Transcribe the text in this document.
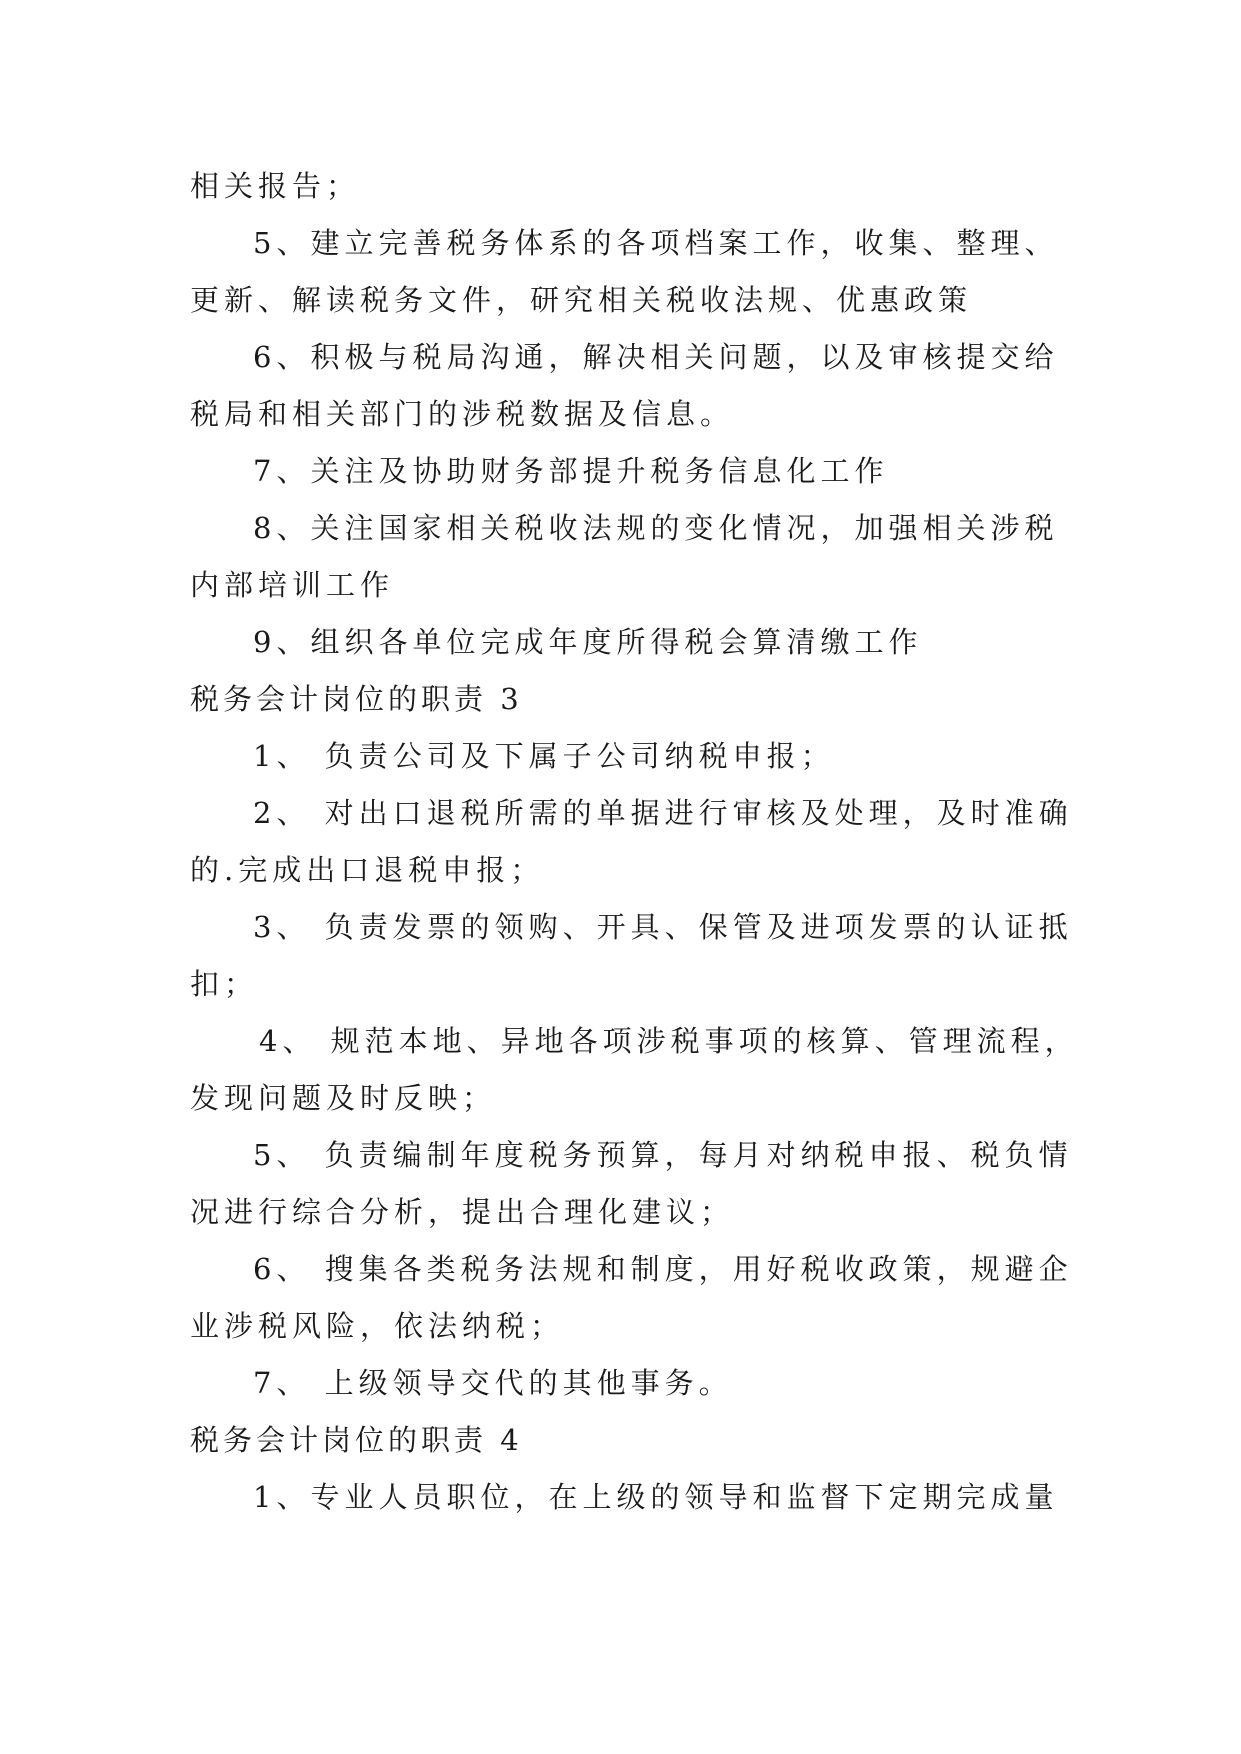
相关报告；
5、建立完善税务体系的各项档案工作，收集、整理、
更新、解读税务文件，研究相关税收法规、优惠政策
6、积极与税局沟通，解决相关问题，以及审核提交给
税局和相关部门的涉税数据及信息。
7、关注及协助财务部提升税务信息化工作
8、关注国家相关税收法规的变化情况，加强相关涉税
内部培训工作
9、组织各单位完成年度所得税会算清缴工作
税务会计岗位的职责 3
1、 负责公司及下属子公司纳税申报；
2、 对出口退税所需的单据进行审核及处理，及时准确
的.完成出口退税申报；
3、 负责发票的领购、开具、保管及进项发票的认证抵
扣；
4、 规范本地、异地各项涉税事项的核算、管理流程，
发现问题及时反映；
5、 负责编制年度税务预算，每月对纳税申报、税负情
况进行综合分析，提出合理化建议；
6、 搜集各类税务法规和制度，用好税收政策，规避企
业涉税风险，依法纳税；
7、 上级领导交代的其他事务。
税务会计岗位的职责 4
1、专业人员职位，在上级的领导和监督下定期完成量
